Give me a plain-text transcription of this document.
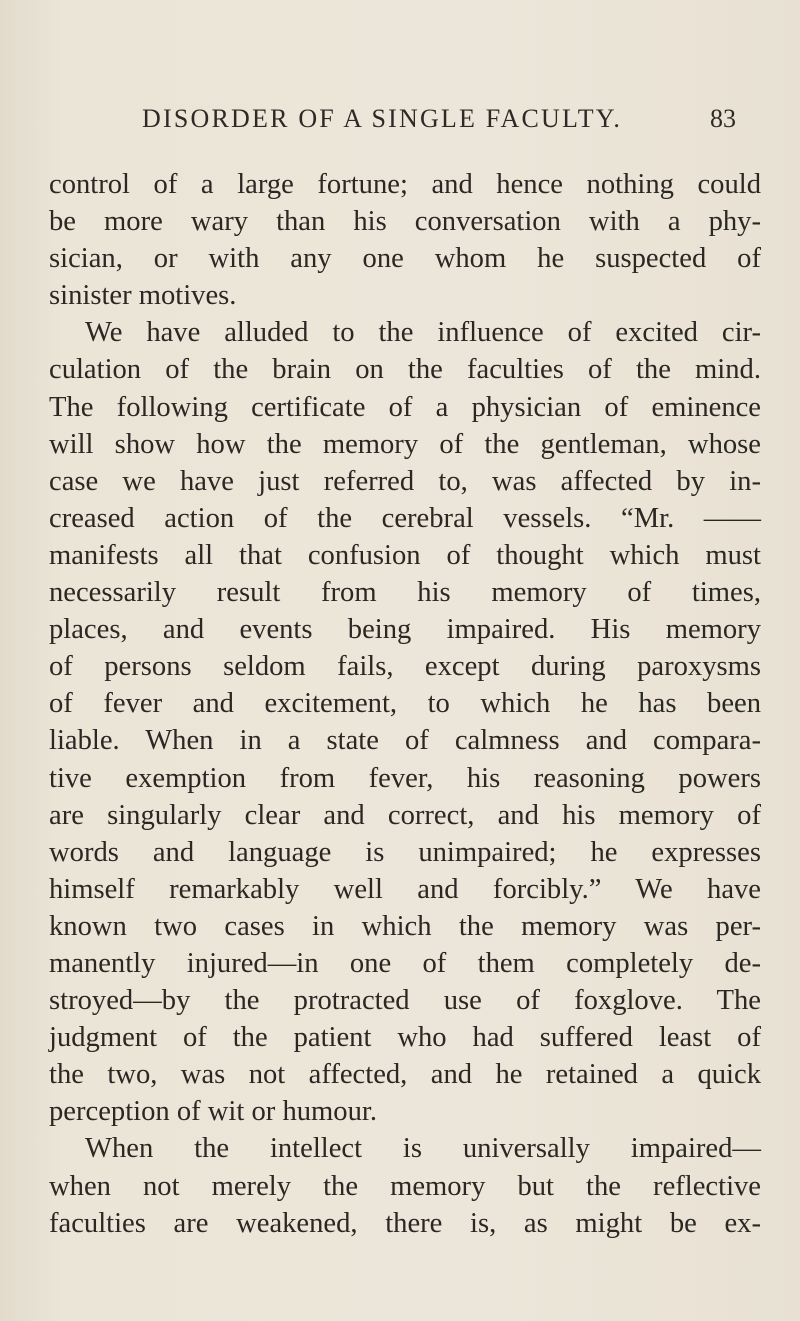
DISORDER OF A SINGLE FACULTY.	83
control of a large fortune; and hence nothing could
be more wary than his conversation with a phy-
sician, or with any one whom he suspected of
sinister motives.
We have alluded to the influence of excited cir-
culation of the brain on the faculties of the mind.
The following certificate of a physician of eminence
will show how the memory of the gentleman, whose
case we have just referred to, was affected by in-
creased action of the cerebral vessels. “Mr. ——
manifests all that confusion of thought which must
necessarily result from his memory of times,
places, and events being impaired. His memory
of persons seldom fails, except during paroxysms
of fever and excitement, to which he has been
liable. When in a state of calmness and compara-
tive exemption from fever, his reasoning powers
are singularly clear and correct, and his memory of
words and language is unimpaired; he expresses
himself remarkably well and forcibly.” We have
known two cases in which the memory was per-
manently injured—in one of them completely de-
stroyed—by the protracted use of foxglove. The
judgment of the patient who had suffered least of
the two, was not affected, and he retained a quick
perception of wit or humour.
When the intellect is universally impaired—
when not merely the memory but the reflective
faculties are weakened, there is, as might be ex-
